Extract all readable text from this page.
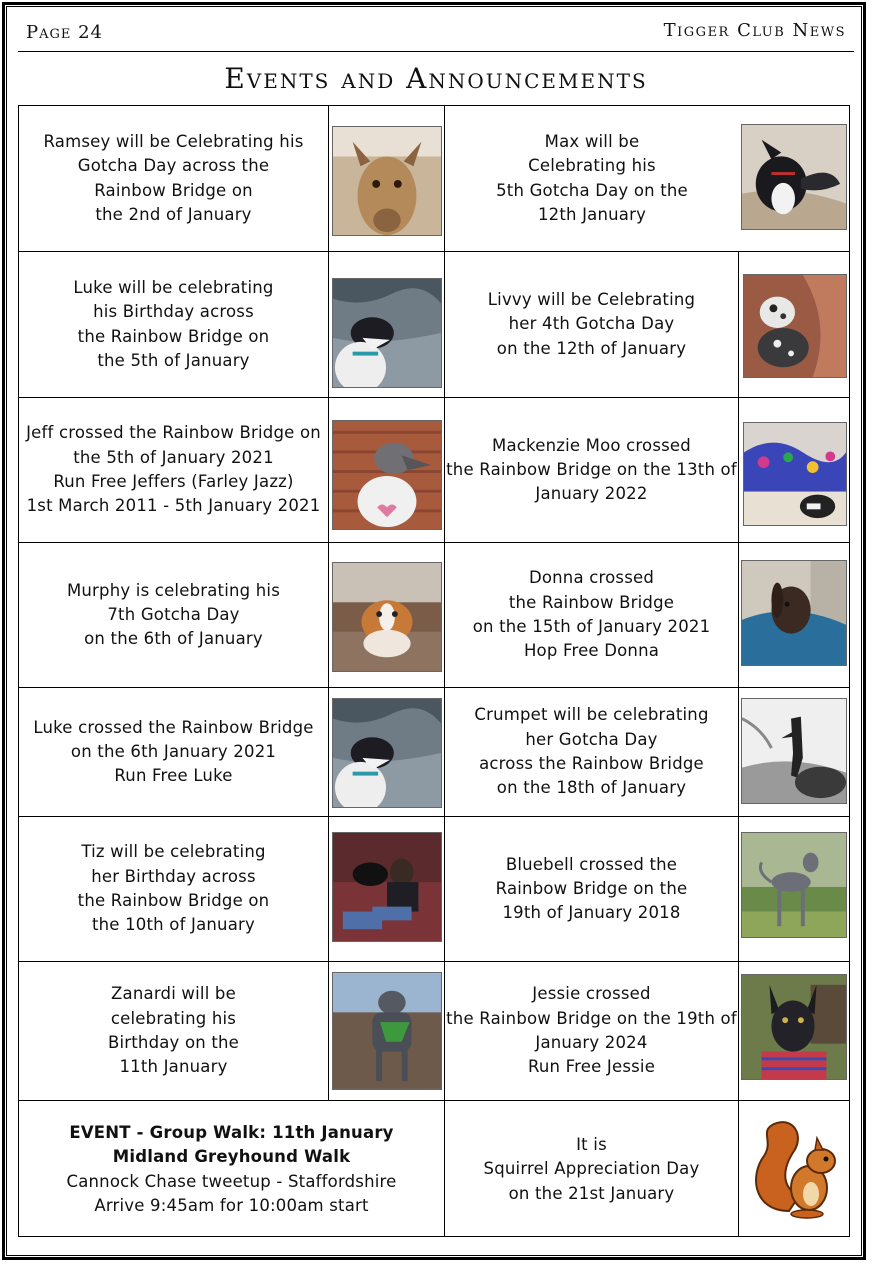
Page 24	Tigger Club News
Events and Announcements
Ramsey will be Celebrating his
Gotcha Day across the
Rainbow Bridge on
the 2nd of January
Luke will be celebrating
his Birthday across
the Rainbow Bridge on
the 5th of January
Jeff crossed the Rainbow Bridge on
the 5th of January 2021
Run Free Jeffers (Farley Jazz)
1st March 2011 - 5th January 2021
Murphy is celebrating his
7th Gotcha Day
on the 6th of January
Luke crossed the Rainbow Bridge
on the 6th January 2021
Run Free Luke
Tiz will be celebrating
her Birthday across
the Rainbow Bridge on
the 10th of January
Zanardi will be
celebrating his
Birthday on the
11th January
Max will be
Celebrating his
5th Gotcha Day on the
12th January
Livvy will be Celebrating
her 4th Gotcha Day
on the 12th of January
Mackenzie Moo crossed
the Rainbow Bridge on the 13th of
January 2022
Donna crossed
the Rainbow Bridge
on the 15th of January 2021
Hop Free Donna
Crumpet will be celebrating
her Gotcha Day
across the Rainbow Bridge
on the 18th of January
Bluebell crossed the
Rainbow Bridge on the
19th of January 2018
Jessie crossed
the Rainbow Bridge on the 19th of
January 2024
Run Free Jessie
EVENT - Group Walk: 11th January
Midland Greyhound Walk
Cannock Chase tweetup - Staffordshire
Arrive 9:45am for 10:00am start
It is
Squirrel Appreciation Day
on the 21st January
